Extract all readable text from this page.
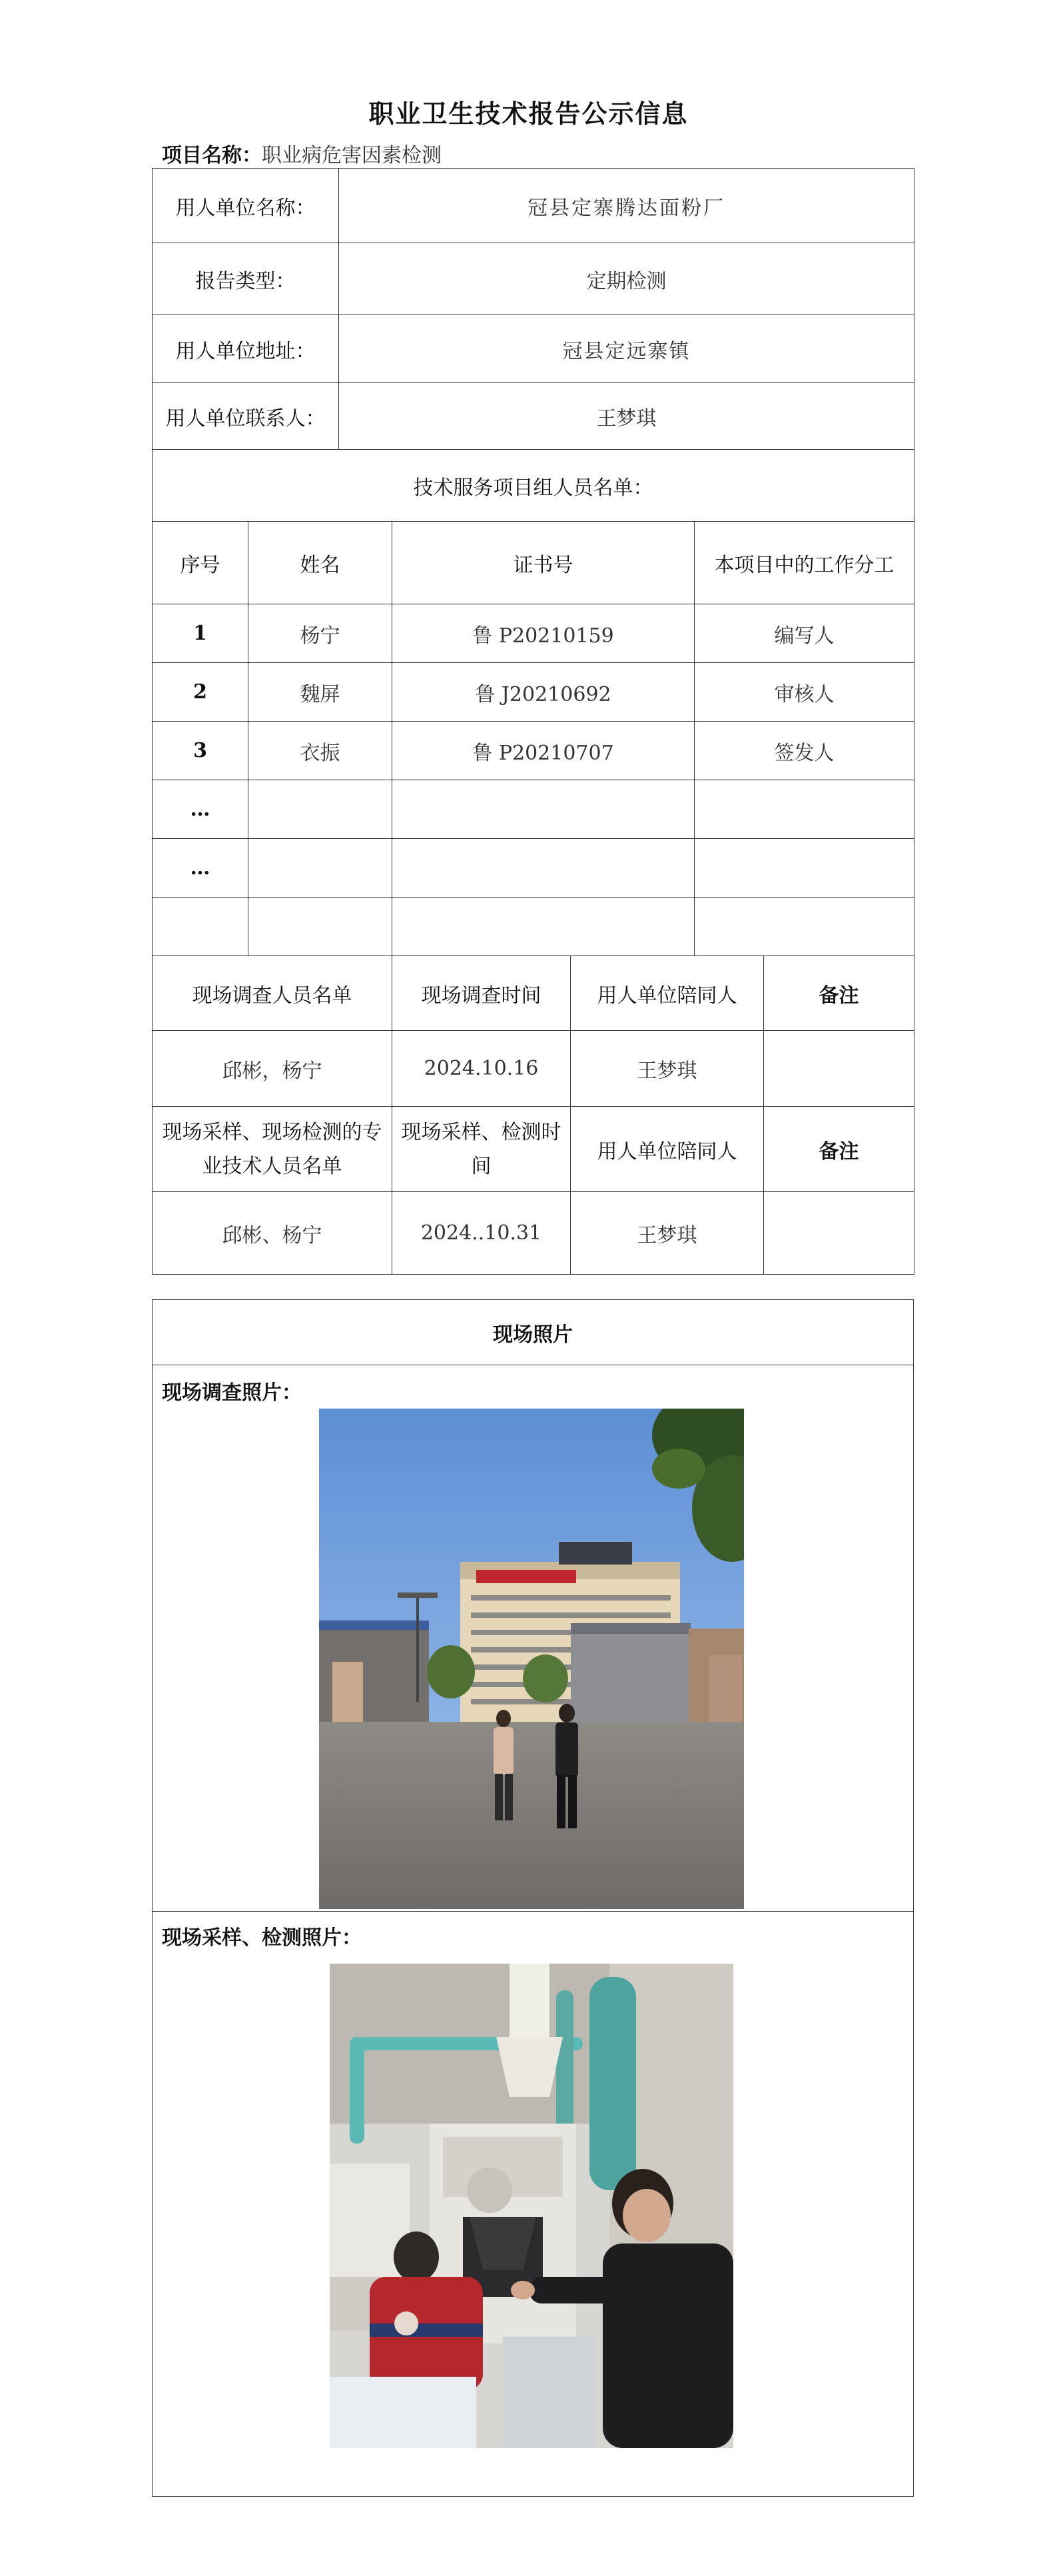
职业卫生技术报告公示信息
项目名称：职业病危害因素检测
用人单位名称：	冠县定寨腾达面粉厂
报告类型：	定期检测
用人单位地址：	冠县定远寨镇
用人单位联系人：	王梦琪
技术服务项目组人员名单：			
序号	姓名	证书号	本项目中的工作分工
1	杨宁	鲁 P20210159	编写人
2	魏屏	鲁 J20210692	审核人
3	衣振	鲁 P20210707	签发人
…			
…			

现场调查人员名单	现场调查时间	用人单位陪同人	备注
邱彬，杨宁	2024.10.16	王梦琪	
现场采样、现场检测的专业技术人员名单	现场采样、检测时间	用人单位陪同人	备注
邱彬、杨宁	2024..10.31	王梦琪	
现场照片
现场调查照片：
现场采样、检测照片：
